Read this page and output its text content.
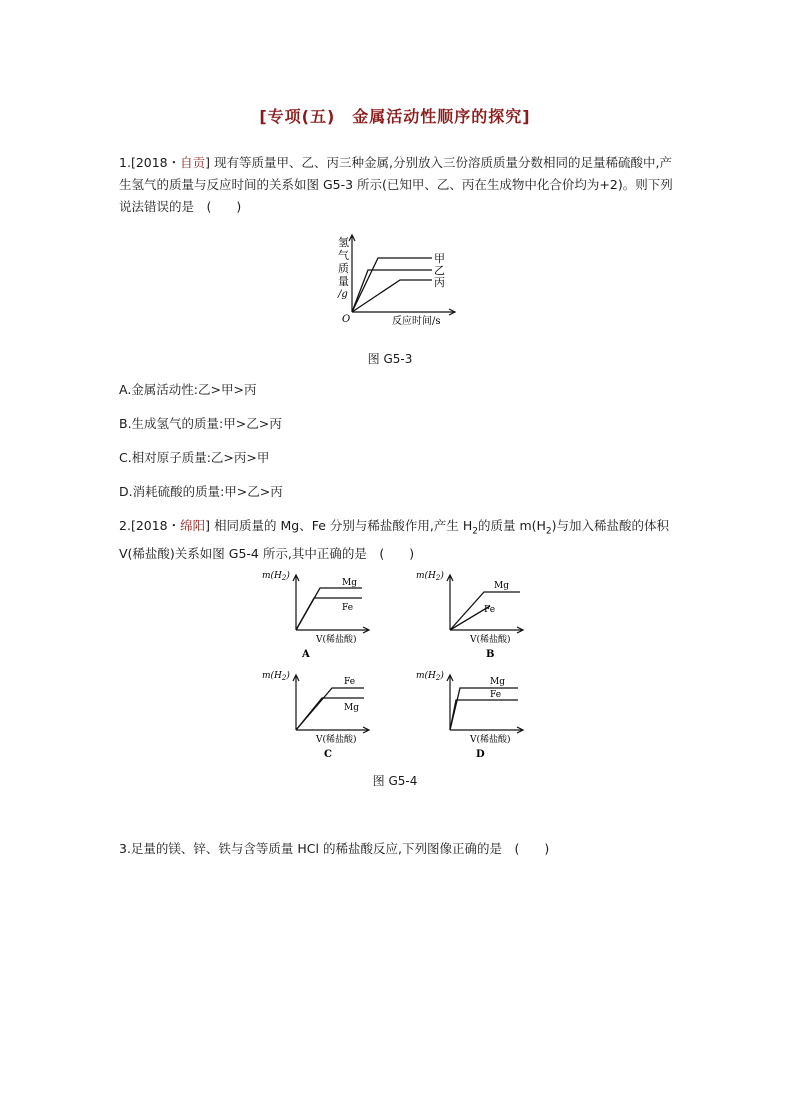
[专项(五)　金属活动性顺序的探究]
1.[2018・自贡] 现有等质量甲、乙、丙三种金属,分别放入三份溶质质量分数相同的足量稀硫酸中,产生氢气的质量与反应时间的关系如图 G5-3 所示(已知甲、乙、丙在生成物中化合价均为+2)。则下列说法错误的是　(　　)
氢
气
质
量
/g
O	反应时间/s
甲
乙
丙
图 G5-3
A.金属活动性:乙>甲>丙
B.生成氢气的质量:甲>乙>丙
C.相对原子质量:乙>丙>甲
D.消耗硫酸的质量:甲>乙>丙
2.[2018・绵阳] 相同质量的 Mg、Fe 分别与稀盐酸作用,产生 $H_2$的质量 $m(H_2)$与加入稀盐酸的体积 V(稀盐酸)关系如图 G5-4 所示,其中正确的是　(　　)
$m(H_2)$
Mg
Fe
V(稀盐酸)
A
$m(H_2)$
Mg
Fe
V(稀盐酸)
B
$m(H_2)$
Fe
Mg
V(稀盐酸)
C
$m(H_2)$
Mg
Fe
V(稀盐酸)
D
图 G5-4
3.足量的镁、锌、铁与含等质量 HCl 的稀盐酸反应,下列图像正确的是　(　　)
